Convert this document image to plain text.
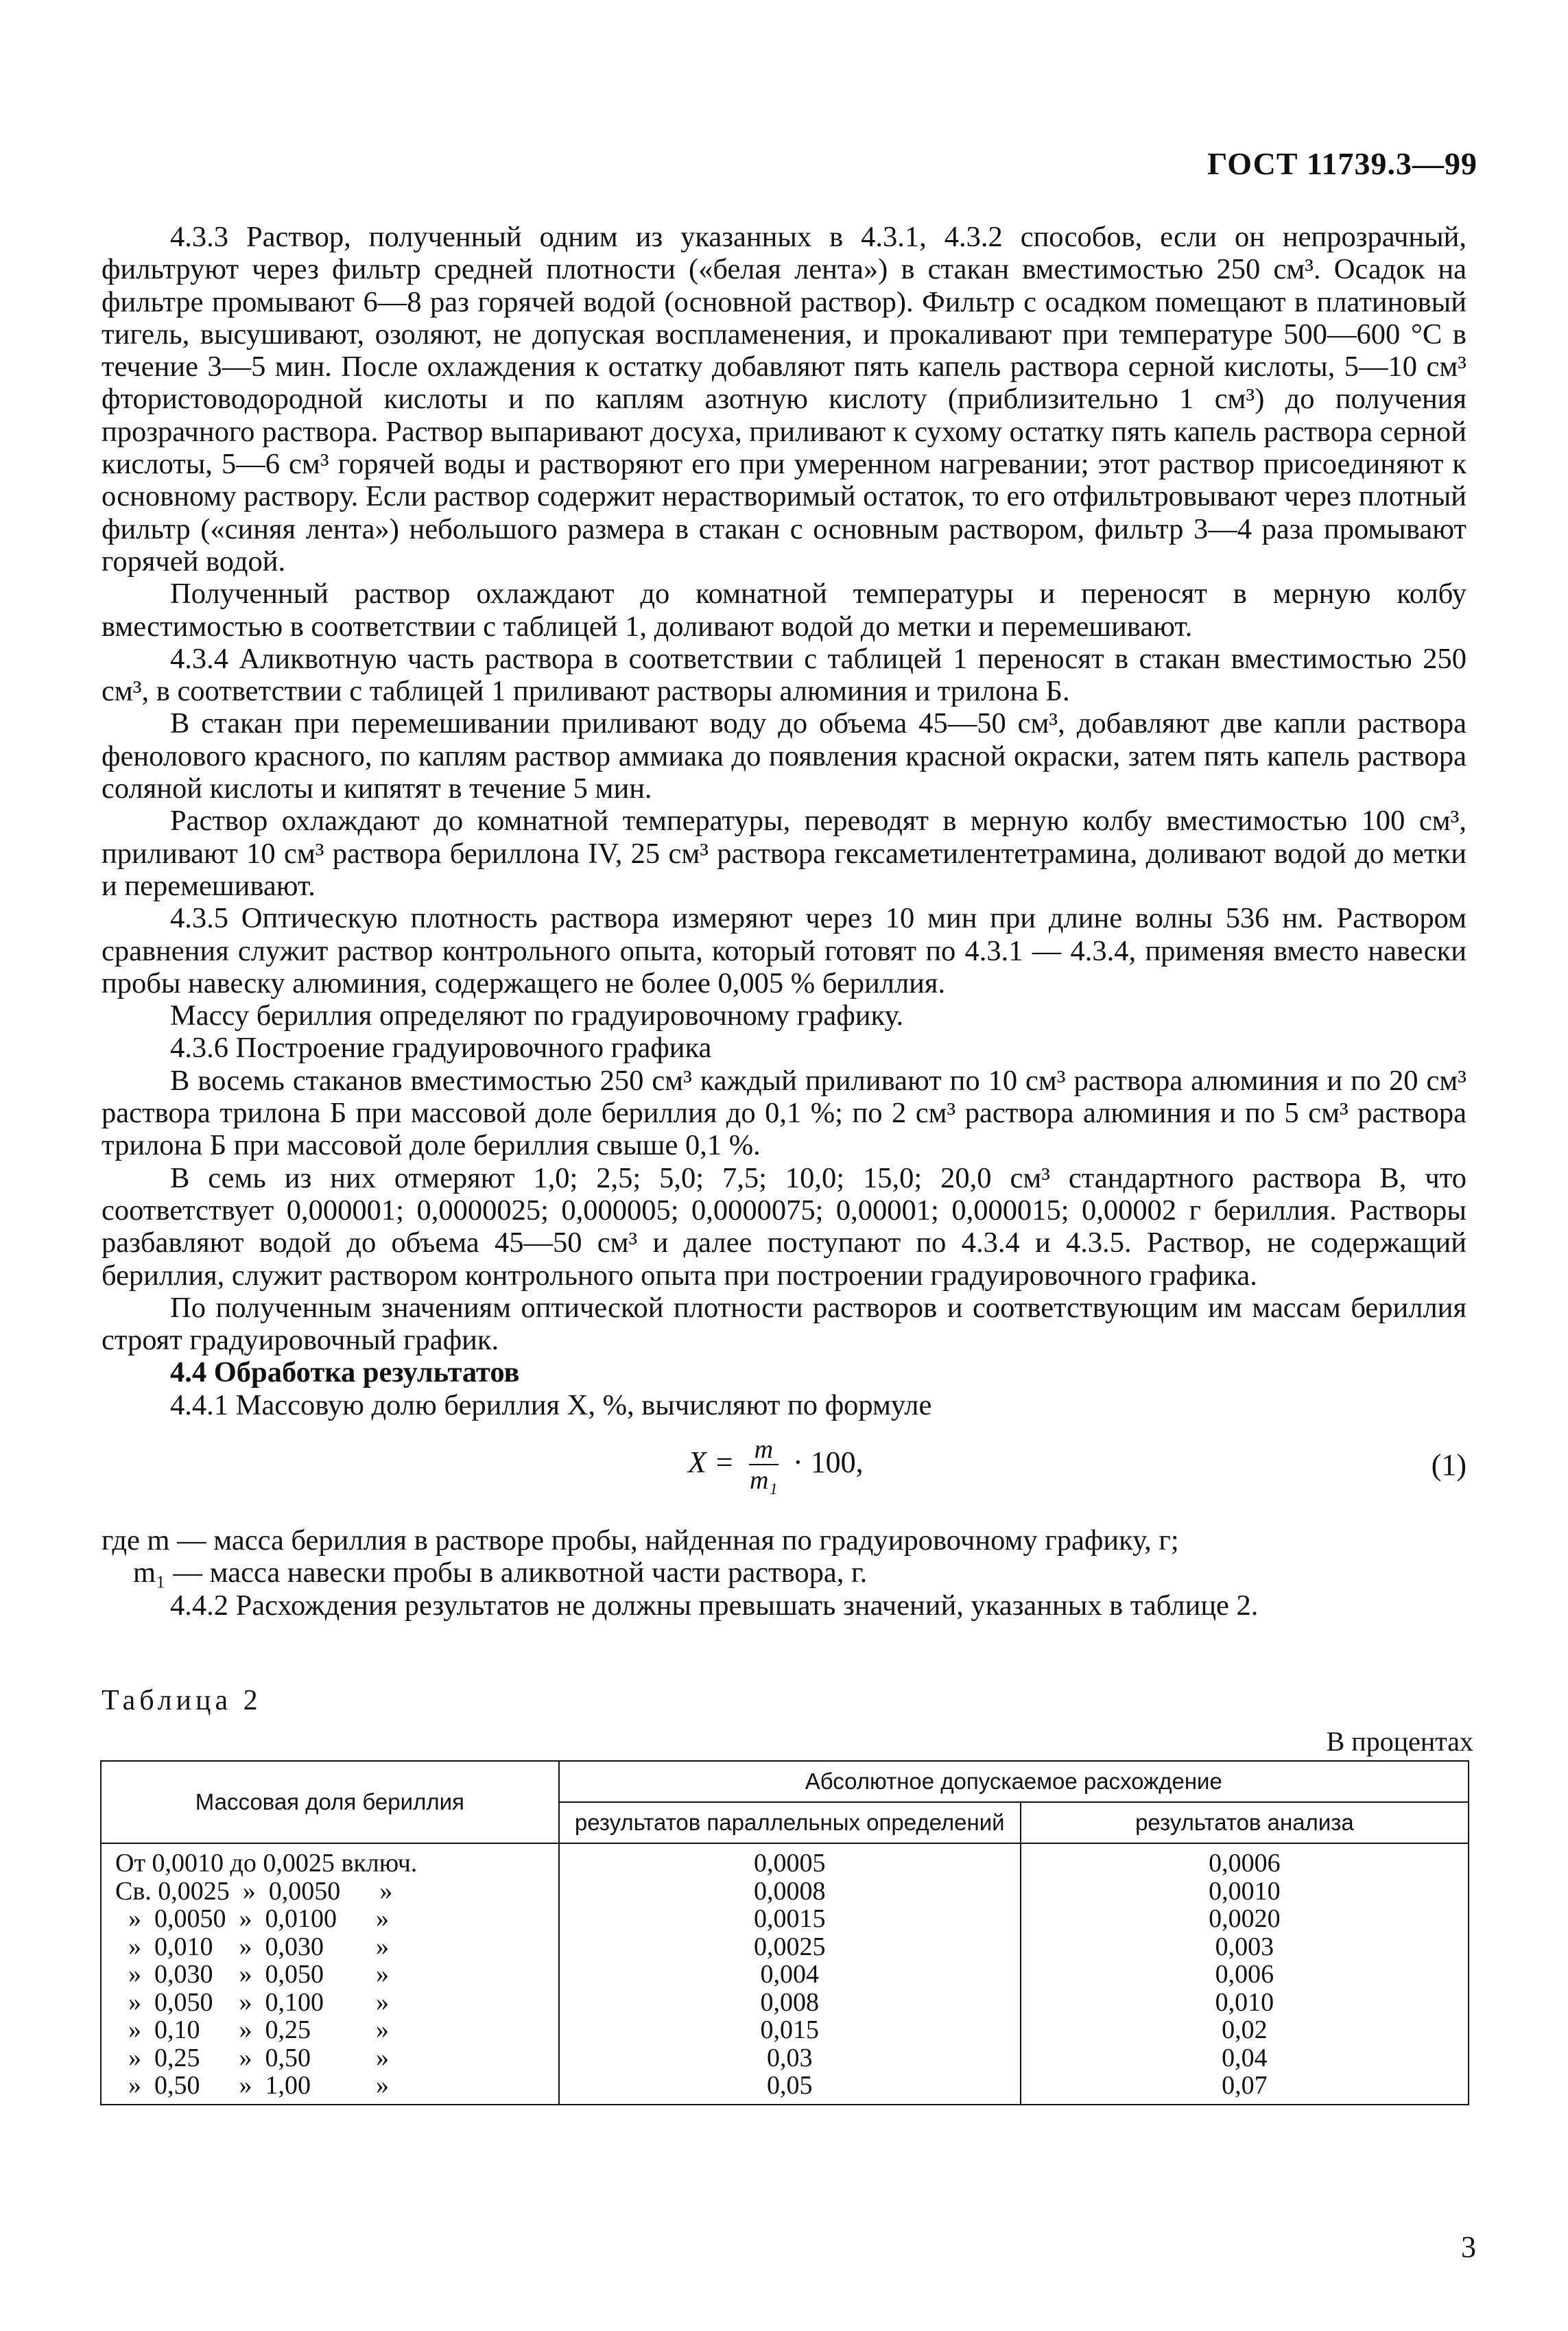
ГОСТ 11739.3—99

4.3.3 Раствор, полученный одним из указанных в 4.3.1, 4.3.2 способов, если он непрозрачный, фильтруют через фильтр средней плотности («белая лента») в стакан вместимостью 250 см³. Осадок на фильтре промывают 6—8 раз горячей водой (основной раствор). Фильтр с осадком помещают в платиновый тигель, высушивают, озоляют, не допуская воспламенения, и прокаливают при температуре 500—600 °С в течение 3—5 мин. После охлаждения к остатку добавляют пять капель раствора серной кислоты, 5—10 см³ фтористоводородной кислоты и по каплям азотную кислоту (приблизительно 1 см³) до получения прозрачного раствора. Раствор выпаривают досуха, приливают к сухому остатку пять капель раствора серной кислоты, 5—6 см³ горячей воды и растворяют его при умеренном нагревании; этот раствор присоединяют к основному раствору. Если раствор содержит нерастворимый остаток, то его отфильтровывают через плотный фильтр («синяя лента») небольшого размера в стакан с основным раствором, фильтр 3—4 раза промывают горячей водой.

Полученный раствор охлаждают до комнатной температуры и переносят в мерную колбу вместимостью в соответствии с таблицей 1, доливают водой до метки и перемешивают.

4.3.4 Аликвотную часть раствора в соответствии с таблицей 1 переносят в стакан вместимостью 250 см³, в соответствии с таблицей 1 приливают растворы алюминия и трилона Б.

В стакан при перемешивании приливают воду до объема 45—50 см³, добавляют две капли раствора фенолового красного, по каплям раствор аммиака до появления красной окраски, затем пять капель раствора соляной кислоты и кипятят в течение 5 мин.

Раствор охлаждают до комнатной температуры, переводят в мерную колбу вместимостью 100 см³, приливают 10 см³ раствора бериллона IV, 25 см³ раствора гексаметилентетрамина, доливают водой до метки и перемешивают.

4.3.5 Оптическую плотность раствора измеряют через 10 мин при длине волны 536 нм. Раствором сравнения служит раствор контрольного опыта, который готовят по 4.3.1 — 4.3.4, применяя вместо навески пробы навеску алюминия, содержащего не более 0,005 % бериллия.

Массу бериллия определяют по градуировочному графику.

4.3.6 Построение градуировочного графика

В восемь стаканов вместимостью 250 см³ каждый приливают по 10 см³ раствора алюминия и по 20 см³ раствора трилона Б при массовой доле бериллия до 0,1 %; по 2 см³ раствора алюминия и по 5 см³ раствора трилона Б при массовой доле бериллия свыше 0,1 %.

В семь из них отмеряют 1,0; 2,5; 5,0; 7,5; 10,0; 15,0; 20,0 см³ стандартного раствора В, что соответствует 0,000001; 0,0000025; 0,000005; 0,0000075; 0,00001; 0,000015; 0,00002 г бериллия. Растворы разбавляют водой до объема 45—50 см³ и далее поступают по 4.3.4 и 4.3.5. Раствор, не содержащий бериллия, служит раствором контрольного опыта при построении градуировочного графика.

По полученным значениям оптической плотности растворов и соответствующим им массам бериллия строят градуировочный график.

4.4 Обработка результатов

4.4.1 Массовую долю бериллия X, %, вычисляют по формуле

$X = \frac{m}{\text{m₁}} \cdot 100$,	(1)

где m — масса бериллия в растворе пробы, найденная по градуировочному графику, г;

m₁ — масса навески пробы в аликвотной части раствора, г.

4.4.2 Расхождения результатов не должны превышать значений, указанных в таблице 2.

Таблица 2
В процентах
Массовая доля бериллия	Абсолютное допускаемое расхождение	
	результатов параллельных определений	результатов анализа
От 0,0010 до 0,0025 включ.	0,0005	0,0006
Св. 0,0025  »  0,0050      »	0,0008	0,0010
»  0,0050  »  0,0100      »	0,0015	0,0020
»  0,010    »  0,030        »	0,0025	0,003
»  0,030    »  0,050        »	0,004	0,006
»  0,050    »  0,100        »	0,008	0,010
»  0,10      »  0,25          »	0,015	0,02
»  0,25      »  0,50          »	0,03	0,04
»  0,50      »  1,00          »	0,05	0,07
3
